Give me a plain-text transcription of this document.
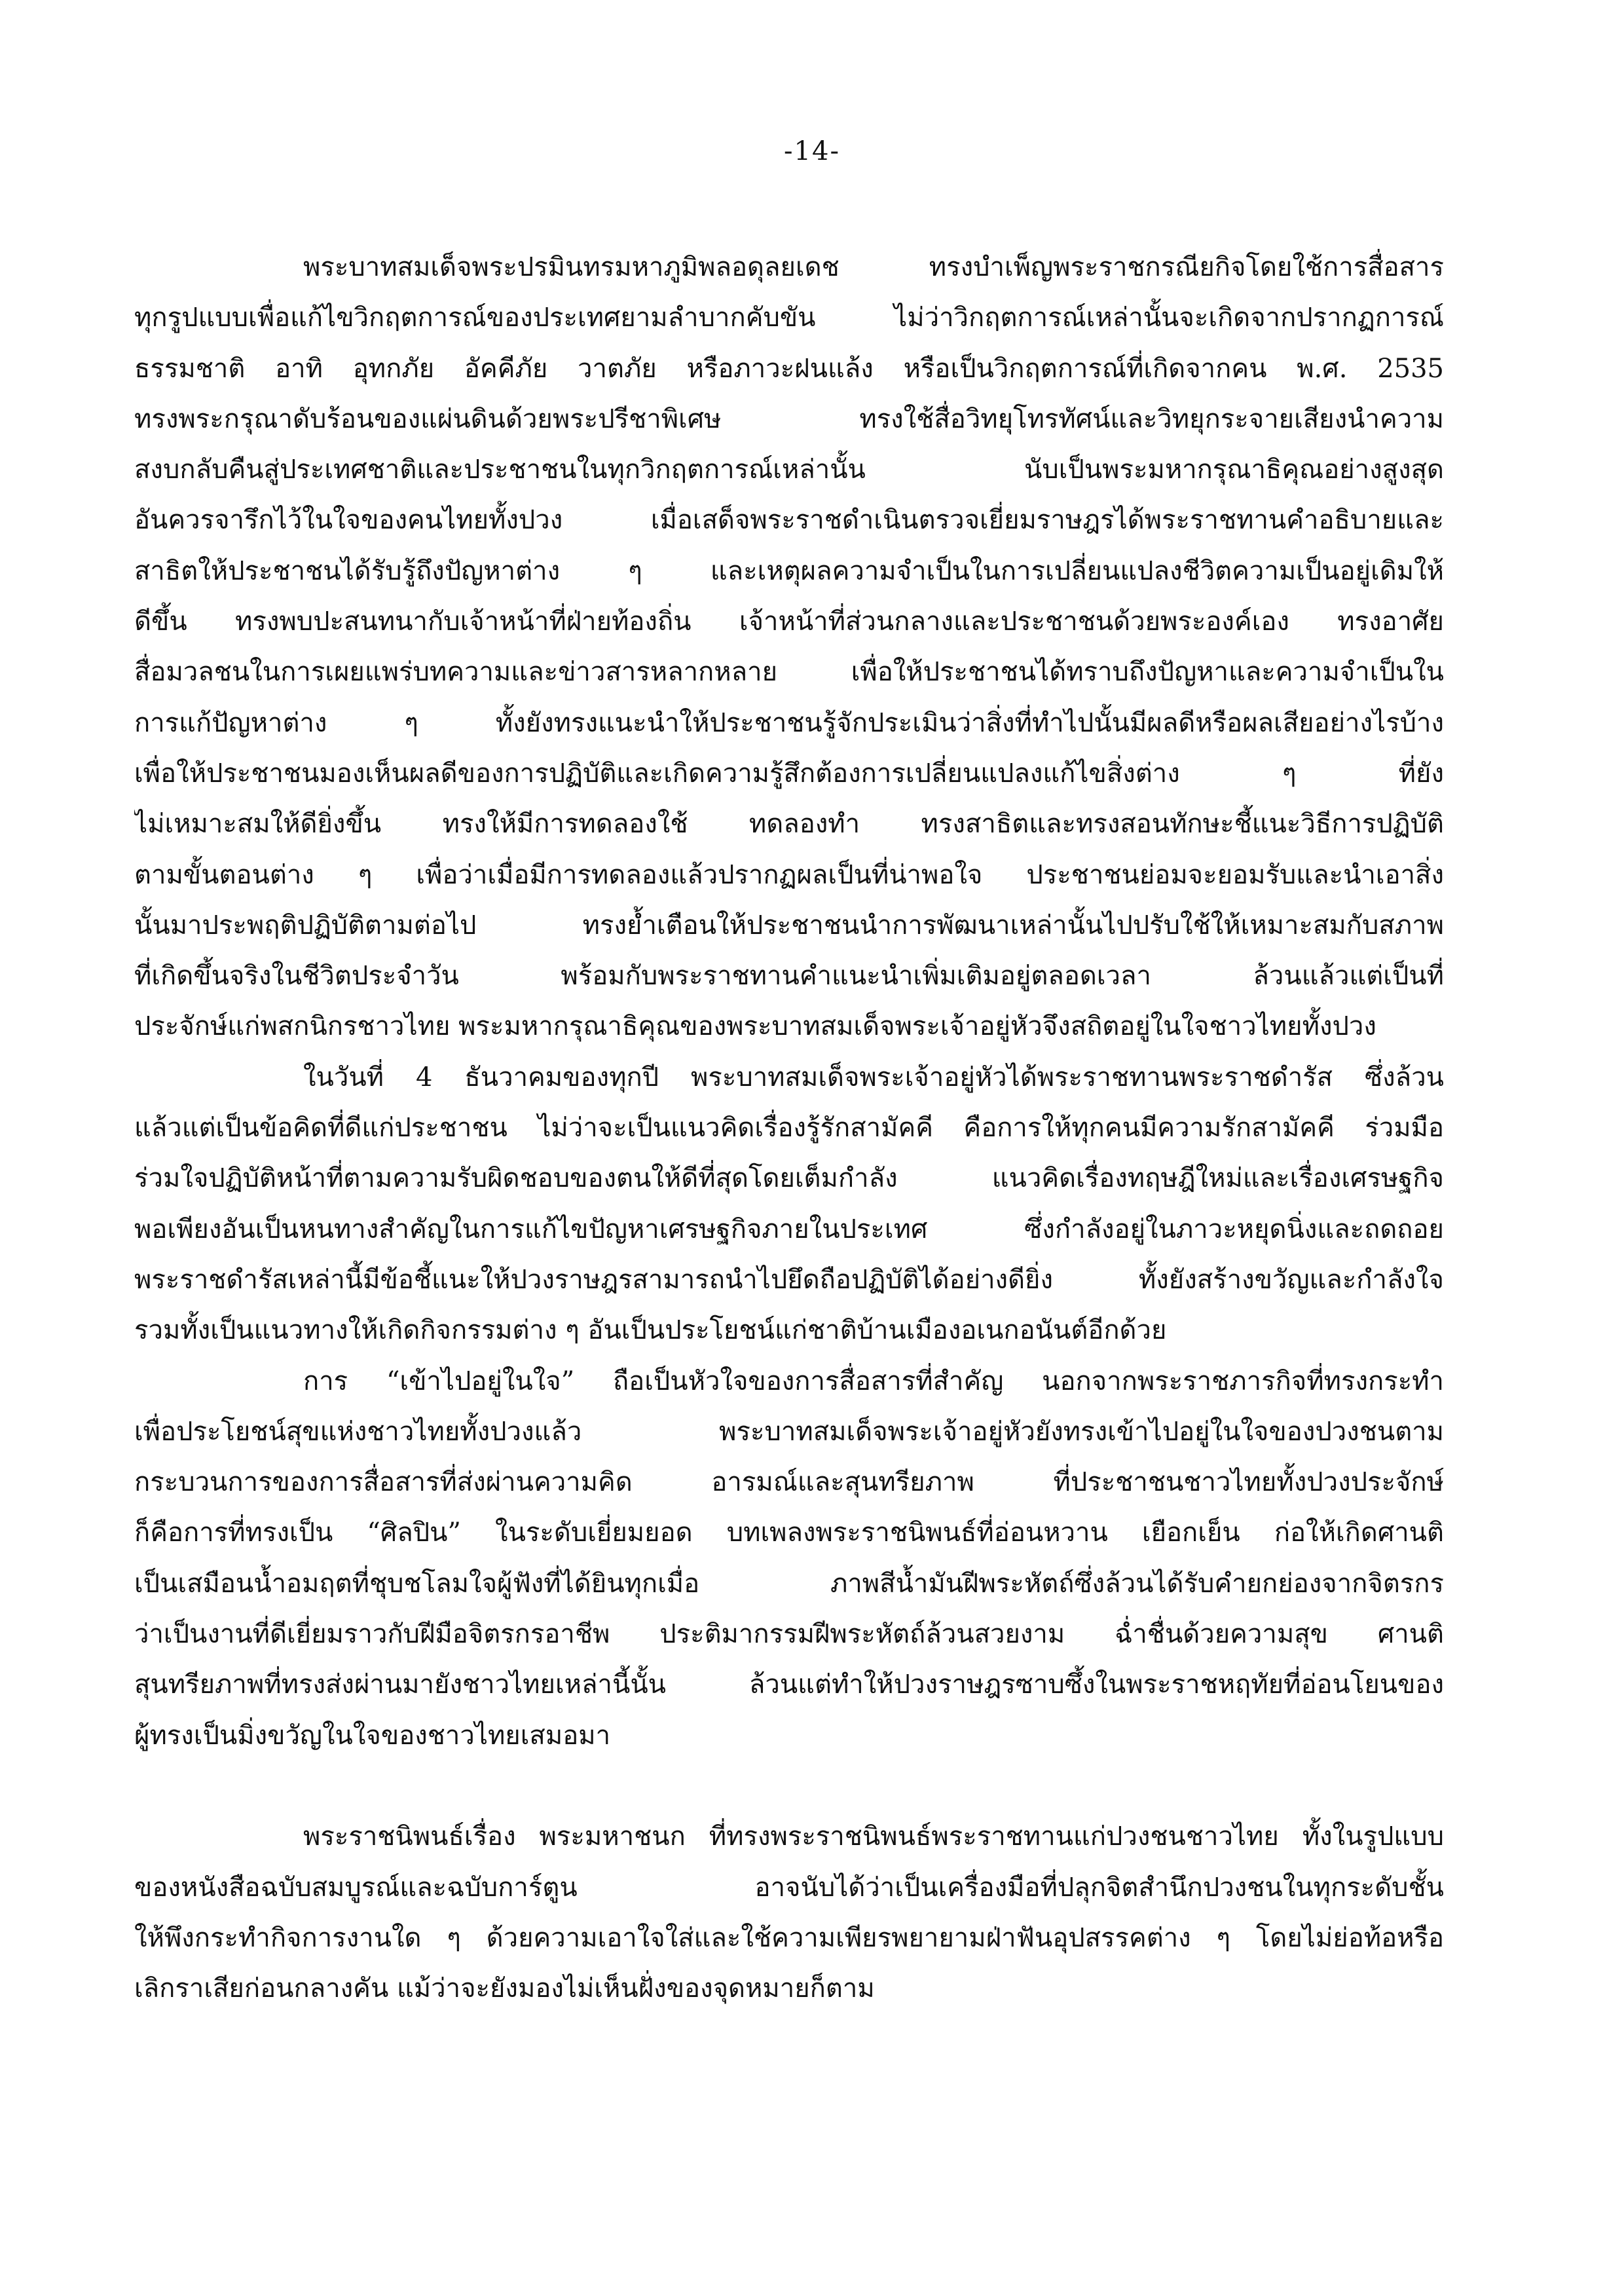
-14-
พระบาทสมเด็จพระปรมินทรมหาภูมิพลอดุลยเดช ทรงบำเพ็ญพระราชกรณียกิจโดยใช้การสื่อสาร
ทุกรูปแบบเพื่อแก้ไขวิกฤตการณ์ของประเทศยามลำบากคับขัน ไม่ว่าวิกฤตการณ์เหล่านั้นจะเกิดจากปรากฏการณ์
ธรรมชาติ อาทิ อุทกภัย อัคคีภัย วาตภัย หรือภาวะฝนแล้ง หรือเป็นวิกฤตการณ์ที่เกิดจากคน พ.ศ. 2535
ทรงพระกรุณาดับร้อนของแผ่นดินด้วยพระปรีชาพิเศษ ทรงใช้สื่อวิทยุโทรทัศน์และวิทยุกระจายเสียงนำความ
สงบกลับคืนสู่ประเทศชาติและประชาชนในทุกวิกฤตการณ์เหล่านั้น นับเป็นพระมหากรุณาธิคุณอย่างสูงสุด
อันควรจารึกไว้ในใจของคนไทยทั้งปวง เมื่อเสด็จพระราชดำเนินตรวจเยี่ยมราษฎรได้พระราชทานคำอธิบายและ
สาธิตให้ประชาชนได้รับรู้ถึงปัญหาต่าง ๆ และเหตุผลความจำเป็นในการเปลี่ยนแปลงชีวิตความเป็นอยู่เดิมให้
ดีขึ้น ทรงพบปะสนทนากับเจ้าหน้าที่ฝ่ายท้องถิ่น เจ้าหน้าที่ส่วนกลางและประชาชนด้วยพระองค์เอง ทรงอาศัย
สื่อมวลชนในการเผยแพร่บทความและข่าวสารหลากหลาย เพื่อให้ประชาชนได้ทราบถึงปัญหาและความจำเป็นใน
การแก้ปัญหาต่าง ๆ ทั้งยังทรงแนะนำให้ประชาชนรู้จักประเมินว่าสิ่งที่ทำไปนั้นมีผลดีหรือผลเสียอย่างไรบ้าง
เพื่อให้ประชาชนมองเห็นผลดีของการปฏิบัติและเกิดความรู้สึกต้องการเปลี่ยนแปลงแก้ไขสิ่งต่าง ๆ ที่ยัง
ไม่เหมาะสมให้ดียิ่งขึ้น ทรงให้มีการทดลองใช้ ทดลองทำ ทรงสาธิตและทรงสอนทักษะชี้แนะวิธีการปฏิบัติ
ตามขั้นตอนต่าง ๆ เพื่อว่าเมื่อมีการทดลองแล้วปรากฏผลเป็นที่น่าพอใจ ประชาชนย่อมจะยอมรับและนำเอาสิ่ง
นั้นมาประพฤติปฏิบัติตามต่อไป ทรงย้ำเตือนให้ประชาชนนำการพัฒนาเหล่านั้นไปปรับใช้ให้เหมาะสมกับสภาพ
ที่เกิดขึ้นจริงในชีวิตประจำวัน พร้อมกับพระราชทานคำแนะนำเพิ่มเติมอยู่ตลอดเวลา ล้วนแล้วแต่เป็นที่
ประจักษ์แก่พสกนิกรชาวไทย พระมหากรุณาธิคุณของพระบาทสมเด็จพระเจ้าอยู่หัวจึงสถิตอยู่ในใจชาวไทยทั้งปวง
ในวันที่ 4 ธันวาคมของทุกปี พระบาทสมเด็จพระเจ้าอยู่หัวได้พระราชทานพระราชดำรัส ซึ่งล้วน
แล้วแต่เป็นข้อคิดที่ดีแก่ประชาชน ไม่ว่าจะเป็นแนวคิดเรื่องรู้รักสามัคคี คือการให้ทุกคนมีความรักสามัคคี ร่วมมือ
ร่วมใจปฏิบัติหน้าที่ตามความรับผิดชอบของตนให้ดีที่สุดโดยเต็มกำลัง แนวคิดเรื่องทฤษฎีใหม่และเรื่องเศรษฐกิจ
พอเพียงอันเป็นหนทางสำคัญในการแก้ไขปัญหาเศรษฐกิจภายในประเทศ ซึ่งกำลังอยู่ในภาวะหยุดนิ่งและถดถอย
พระราชดำรัสเหล่านี้มีข้อชี้แนะให้ปวงราษฎรสามารถนำไปยึดถือปฏิบัติได้อย่างดียิ่ง ทั้งยังสร้างขวัญและกำลังใจ
รวมทั้งเป็นแนวทางให้เกิดกิจกรรมต่าง ๆ อันเป็นประโยชน์แก่ชาติบ้านเมืองอเนกอนันต์อีกด้วย
การ “เข้าไปอยู่ในใจ” ถือเป็นหัวใจของการสื่อสารที่สำคัญ นอกจากพระราชภารกิจที่ทรงกระทำ
เพื่อประโยชน์สุขแห่งชาวไทยทั้งปวงแล้ว พระบาทสมเด็จพระเจ้าอยู่หัวยังทรงเข้าไปอยู่ในใจของปวงชนตาม
กระบวนการของการสื่อสารที่ส่งผ่านความคิด อารมณ์และสุนทรียภาพ ที่ประชาชนชาวไทยทั้งปวงประจักษ์
ก็คือการที่ทรงเป็น “ศิลปิน” ในระดับเยี่ยมยอด บทเพลงพระราชนิพนธ์ที่อ่อนหวาน เยือกเย็น ก่อให้เกิดศานติ
เป็นเสมือนน้ำอมฤตที่ชุบชโลมใจผู้ฟังที่ได้ยินทุกเมื่อ ภาพสีน้ำมันฝีพระหัตถ์ซึ่งล้วนได้รับคำยกย่องจากจิตรกร
ว่าเป็นงานที่ดีเยี่ยมราวกับฝีมือจิตรกรอาชีพ ประติมากรรมฝีพระหัตถ์ล้วนสวยงาม ฉ่ำชื่นด้วยความสุข ศานติ
สุนทรียภาพที่ทรงส่งผ่านมายังชาวไทยเหล่านี้นั้น ล้วนแต่ทำให้ปวงราษฎรซาบซึ้งในพระราชหฤทัยที่อ่อนโยนของ
ผู้ทรงเป็นมิ่งขวัญในใจของชาวไทยเสมอมา
พระราชนิพนธ์เรื่อง พระมหาชนก ที่ทรงพระราชนิพนธ์พระราชทานแก่ปวงชนชาวไทย ทั้งในรูปแบบ
ของหนังสือฉบับสมบูรณ์และฉบับการ์ตูน อาจนับได้ว่าเป็นเครื่องมือที่ปลุกจิตสำนึกปวงชนในทุกระดับชั้น
ให้พึงกระทำกิจการงานใด ๆ ด้วยความเอาใจใส่และใช้ความเพียรพยายามฝ่าฟันอุปสรรคต่าง ๆ โดยไม่ย่อท้อหรือ
เลิกราเสียก่อนกลางคัน แม้ว่าจะยังมองไม่เห็นฝั่งของจุดหมายก็ตาม
